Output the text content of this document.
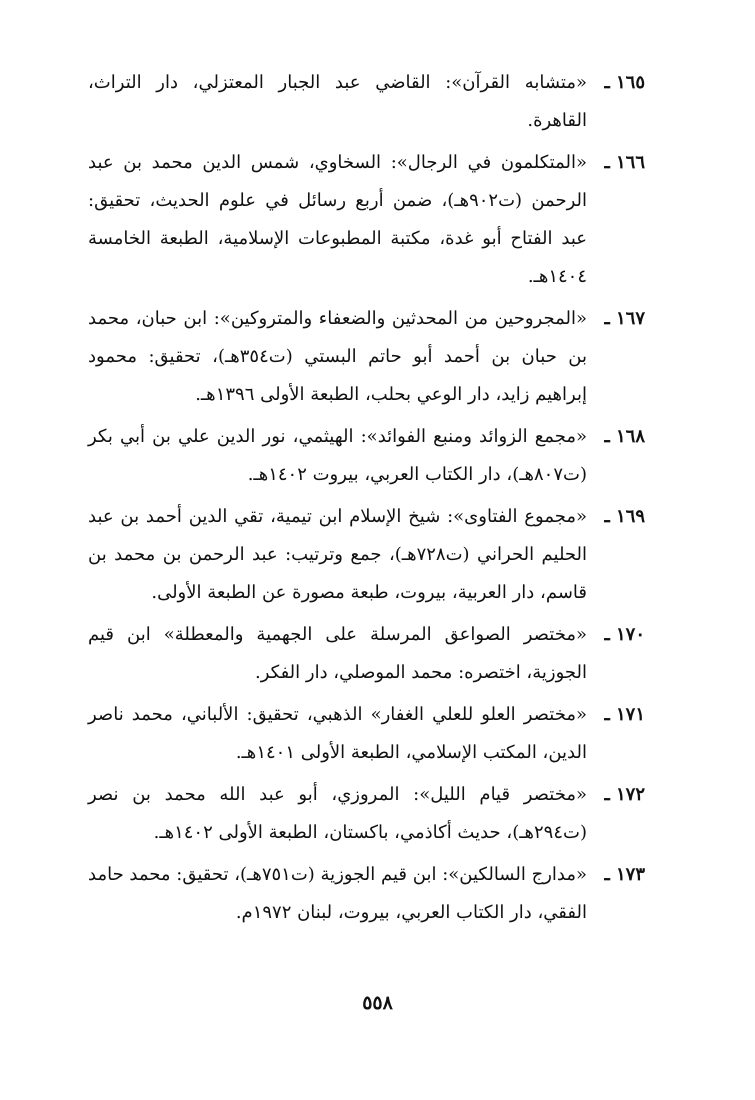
١٦٥ ـ
«متشابه القرآن»: القاضي عبد الجبار المعتزلي، دار التراث، القاهرة.
١٦٦ ـ
«المتكلمون في الرجال»: السخاوي، شمس الدين محمد بن عبد الرحمن (ت٩٠٢هـ)، ضمن أربع رسائل في علوم الحديث، تحقيق: عبد الفتاح أبو غدة، مكتبة المطبوعات الإسلامية، الطبعة الخامسة ١٤٠٤هـ.
١٦٧ ـ
«المجروحين من المحدثين والضعفاء والمتروكين»: ابن حبان، محمد بن حبان بن أحمد أبو حاتم البستي (ت٣٥٤هـ)، تحقيق: محمود إبراهيم زايد، دار الوعي بحلب، الطبعة الأولى ١٣٩٦هـ.
١٦٨ ـ
«مجمع الزوائد ومنبع الفوائد»: الهيثمي، نور الدين علي بن أبي بكر (ت٨٠٧هـ)، دار الكتاب العربي، بيروت ١٤٠٢هـ.
١٦٩ ـ
«مجموع الفتاوى»: شيخ الإسلام ابن تيمية، تقي الدين أحمد بن عبد الحليم الحراني (ت٧٢٨هـ)، جمع وترتيب: عبد الرحمن بن محمد بن قاسم، دار العربية، بيروت، طبعة مصورة عن الطبعة الأولى.
١٧٠ ـ
«مختصر الصواعق المرسلة على الجهمية والمعطلة» ابن قيم الجوزية، اختصره: محمد الموصلي، دار الفكر.
١٧١ ـ
«مختصر العلو للعلي الغفار» الذهبي، تحقيق: الألباني، محمد ناصر الدين، المكتب الإسلامي، الطبعة الأولى ١٤٠١هـ.
١٧٢ ـ
«مختصر قيام الليل»: المروزي، أبو عبد الله محمد بن نصر (ت٢٩٤هـ)، حديث أكاذمي، باكستان، الطبعة الأولى ١٤٠٢هـ.
١٧٣ ـ
«مدارج السالكين»: ابن قيم الجوزية (ت٧٥١هـ)، تحقيق: محمد حامد الفقي، دار الكتاب العربي، بيروت، لبنان ١٩٧٢م.
٥٥٨
